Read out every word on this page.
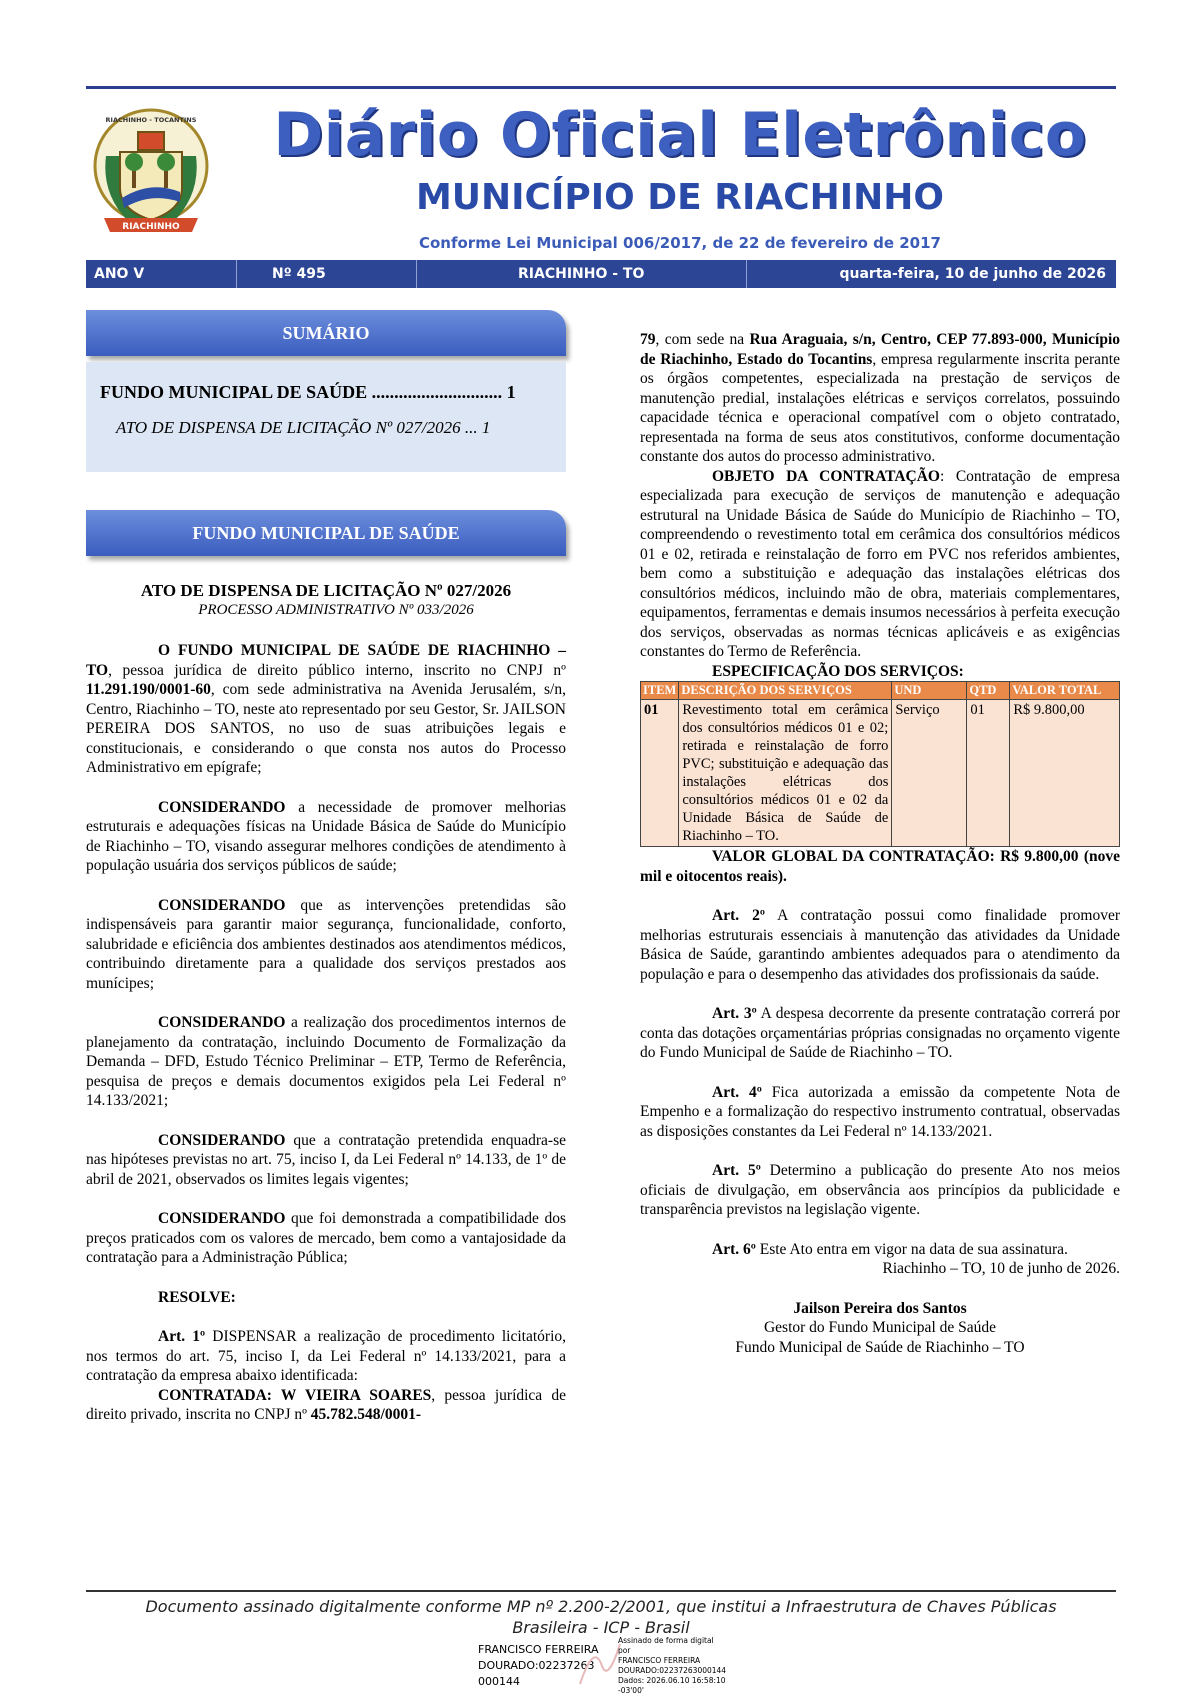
RIACHINHO
RIACHINHO - TOCANTINS	Diário Oficial Eletrônico
MUNICÍPIO DE RIACHINHO
Conforme Lei Municipal 006/2017, de 22 de fevereiro de 2017
ANO V	Nº 495	RIACHINHO - TO	quarta-feira, 10 de junho de 2026
SUMÁRIO
FUNDO MUNICIPAL DE SAÚDE ............................. 1
ATO DE DISPENSA DE LICITAÇÃO Nº 027/2026 ... 1
FUNDO MUNICIPAL DE SAÚDE

ATO DE DISPENSA DE LICITAÇÃO Nº 027/2026

PROCESSO ADMINISTRATIVO Nº 033/2026

O FUNDO MUNICIPAL DE SAÚDE DE RIACHINHO – TO, pessoa jurídica de direito público interno, inscrito no CNPJ nº 11.291.190/0001-60, com sede administrativa na Avenida Jerusalém, s/n, Centro, Riachinho – TO, neste ato representado por seu Gestor, Sr. JAILSON PEREIRA DOS SANTOS, no uso de suas atribuições legais e constitucionais, e considerando o que consta nos autos do Processo Administrativo em epígrafe;

CONSIDERANDO a necessidade de promover melhorias estruturais e adequações físicas na Unidade Básica de Saúde do Município de Riachinho – TO, visando assegurar melhores condições de atendimento à população usuária dos serviços públicos de saúde;

CONSIDERANDO que as intervenções pretendidas são indispensáveis para garantir maior segurança, funcionalidade, conforto, salubridade e eficiência dos ambientes destinados aos atendimentos médicos, contribuindo diretamente para a qualidade dos serviços prestados aos munícipes;

CONSIDERANDO a realização dos procedimentos internos de planejamento da contratação, incluindo Documento de Formalização da Demanda – DFD, Estudo Técnico Preliminar – ETP, Termo de Referência, pesquisa de preços e demais documentos exigidos pela Lei Federal nº 14.133/2021;

CONSIDERANDO que a contratação pretendida enquadra-se nas hipóteses previstas no art. 75, inciso I, da Lei Federal nº 14.133, de 1º de abril de 2021, observados os limites legais vigentes;

CONSIDERANDO que foi demonstrada a compatibilidade dos preços praticados com os valores de mercado, bem como a vantajosidade da contratação para a Administração Pública;

RESOLVE:

Art. 1º DISPENSAR a realização de procedimento licitatório, nos termos do art. 75, inciso I, da Lei Federal nº 14.133/2021, para a contratação da empresa abaixo identificada:

CONTRATADA: W VIEIRA SOARES, pessoa jurídica de direito privado, inscrita no CNPJ nº 45.782.548/0001-

79, com sede na Rua Araguaia, s/n, Centro, CEP 77.893-000, Município de Riachinho, Estado do Tocantins, empresa regularmente inscrita perante os órgãos competentes, especializada na prestação de serviços de manutenção predial, instalações elétricas e serviços correlatos, possuindo capacidade técnica e operacional compatível com o objeto contratado, representada na forma de seus atos constitutivos, conforme documentação constante dos autos do processo administrativo.

OBJETO DA CONTRATAÇÃO: Contratação de empresa especializada para execução de serviços de manutenção e adequação estrutural na Unidade Básica de Saúde do Município de Riachinho – TO, compreendendo o revestimento total em cerâmica dos consultórios médicos 01 e 02, retirada e reinstalação de forro em PVC nos referidos ambientes, bem como a substituição e adequação das instalações elétricas dos consultórios médicos, incluindo mão de obra, materiais complementares, equipamentos, ferramentas e demais insumos necessários à perfeita execução dos serviços, observadas as normas técnicas aplicáveis e as exigências constantes do Termo de Referência.

ESPECIFICAÇÃO DOS SERVIÇOS:

ITEM	DESCRIÇÃO DOS SERVIÇOS	UND	QTD	VALOR TOTAL
01	Revestimento total em cerâmica dos consultórios médicos 01 e 02; retirada e reinstalação de forro PVC; substituição e adequação das instalações elétricas dos consultórios médicos 01 e 02 da Unidade Básica de Saúde de Riachinho – TO.	Serviço	01	R$ 9.800,00

VALOR GLOBAL DA CONTRATAÇÃO: R$ 9.800,00 (nove mil e oitocentos reais).

Art. 2º A contratação possui como finalidade promover melhorias estruturais essenciais à manutenção das atividades da Unidade Básica de Saúde, garantindo ambientes adequados para o atendimento da população e para o desempenho das atividades dos profissionais da saúde.

Art. 3º A despesa decorrente da presente contratação correrá por conta das dotações orçamentárias próprias consignadas no orçamento vigente do Fundo Municipal de Saúde de Riachinho – TO.

Art. 4º Fica autorizada a emissão da competente Nota de Empenho e a formalização do respectivo instrumento contratual, observadas as disposições constantes da Lei Federal nº 14.133/2021.

Art. 5º Determino a publicação do presente Ato nos meios oficiais de divulgação, em observância aos princípios da publicidade e transparência previstos na legislação vigente.

Art. 6º Este Ato entra em vigor na data de sua assinatura.

Riachinho – TO, 10 de junho de 2026.

Jailson Pereira dos Santos

Gestor do Fundo Municipal de Saúde

Fundo Municipal de Saúde de Riachinho – TO

Documento assinado digitalmente conforme MP nº 2.200-2/2001, que institui a Infraestrutura de Chaves Públicas
Brasileira - ICP - Brasil
FRANCISCO FERREIRA
DOURADO:02237263
000144
Assinado de forma digital por
FRANCISCO FERREIRA
DOURADO:02237263000144
Dados: 2026.06.10 16:58:10
-03'00'
